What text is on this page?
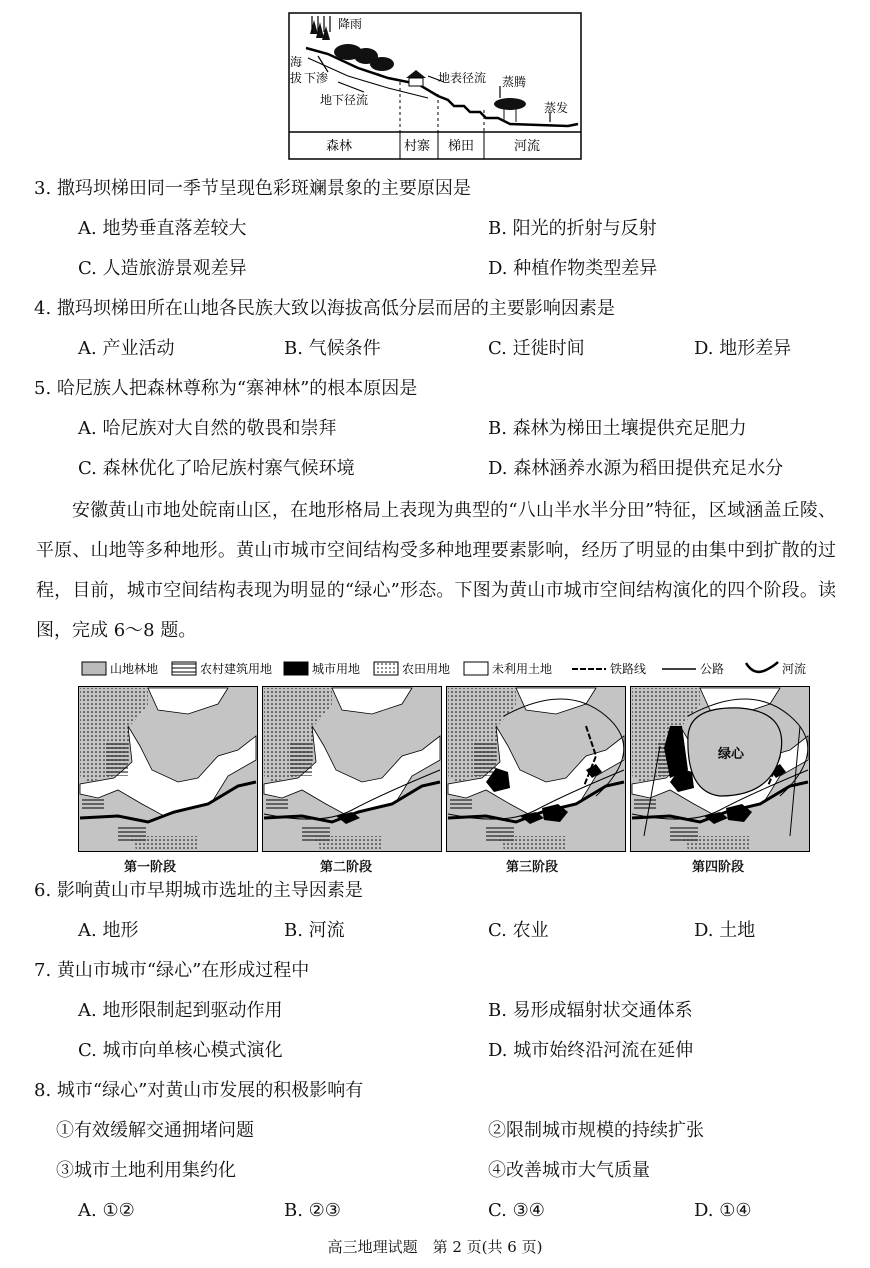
降雨
海
拔 下渗
地下径流
地表径流 蒸腾
蒸发
森林	村寨 梯田	河流
3. 撒玛坝梯田同一季节呈现色彩斑斓景象的主要原因是
A. 地势垂直落差较大	B. 阳光的折射与反射
C. 人造旅游景观差异	D. 种植作物类型差异
4. 撒玛坝梯田所在山地各民族大致以海拔高低分层而居的主要影响因素是
A. 产业活动	B. 气候条件	C. 迁徙时间	D. 地形差异
5. 哈尼族人把森林尊称为“寨神林”的根本原因是
A. 哈尼族对大自然的敬畏和崇拜	B. 森林为梯田土壤提供充足肥力
C. 森林优化了哈尼族村寨气候环境	D. 森林涵养水源为稻田提供充足水分
安徽黄山市地处皖南山区，在地形格局上表现为典型的“八山半水半分田”特征，区域涵盖丘陵、平原、山地等多种地形。黄山市城市空间结构受多种地理要素影响，经历了明显的由集中到扩散的过程，目前，城市空间结构表现为明显的“绿心”形态。下图为黄山市城市空间结构演化的四个阶段。读图，完成 6～8 题。
山地林地	农村建筑用地	城市用地	农田用地	未利用土地	铁路线	公路	河流
绿心
第一阶段	第二阶段	第三阶段	第四阶段
6. 影响黄山市早期城市选址的主导因素是
A. 地形	B. 河流	C. 农业	D. 土地
7. 黄山市城市“绿心”在形成过程中
A. 地形限制起到驱动作用	B. 易形成辐射状交通体系
C. 城市向单核心模式演化	D. 城市始终沿河流在延伸
8. 城市“绿心”对黄山市发展的积极影响有
①有效缓解交通拥堵问题	②限制城市规模的持续扩张
③城市土地利用集约化	④改善城市大气质量
A. ①②	B. ②③	C. ③④	D. ①④
高三地理试题　第 2 页(共 6 页)
